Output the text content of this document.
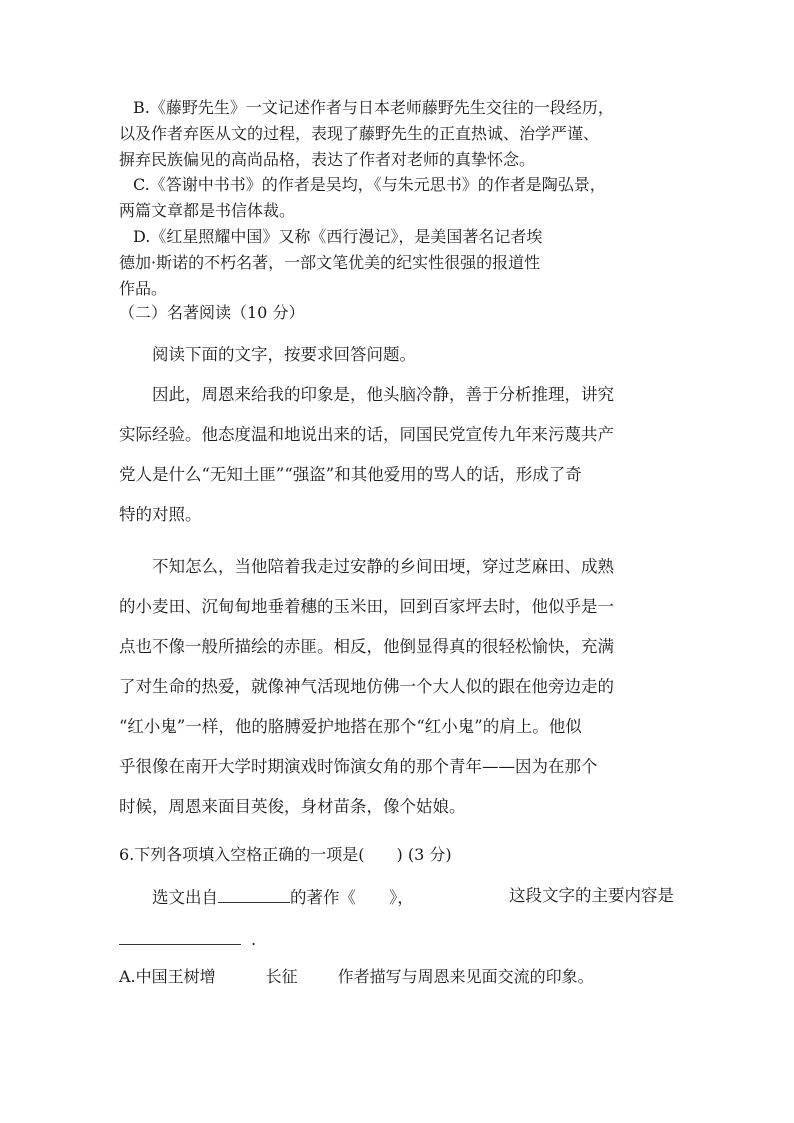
B.《藤野先生》一文记述作者与日本老师藤野先生交往的一段经历，

以及作者弃医从文的过程，表现了藤野先生的正直热诚、治学严谨、

摒弃民族偏见的高尚品格，表达了作者对老师的真挚怀念。

C.《答谢中书书》的作者是吴均，《与朱元思书》的作者是陶弘景，

两篇文章都是书信体裁。

D.《红星照耀中国》又称《西行漫记》，是美国著名记者埃

德加·斯诺的不朽名著，一部文笔优美的纪实性很强的报道性

作品。

（二）名著阅读（10 分）

阅读下面的文字，按要求回答问题。

因此，周恩来给我的印象是，他头脑冷静，善于分析推理，讲究

实际经验。他态度温和地说出来的话，同国民党宣传九年来污蔑共产

党人是什么“无知土匪”“强盗”和其他爱用的骂人的话，形成了奇

特的对照。

不知怎么，当他陪着我走过安静的乡间田埂，穿过芝麻田、成熟

的小麦田、沉甸甸地垂着穗的玉米田，回到百家坪去时，他似乎是一

点也不像一般所描绘的赤匪。相反，他倒显得真的很轻松愉快，充满

了对生命的热爱，就像神气活现地仿佛一个大人似的跟在他旁边走的

“红小鬼”一样，他的胳膊爱护地搭在那个“红小鬼”的肩上。他似

乎很像在南开大学时期演戏时饰演女角的那个青年——因为在那个

时候，周恩来面目英俊，身材苗条，像个姑娘。

6.下列各项填入空格正确的一项是(　　) (3 分)

选文出自	的著作《　　》，	这段文字的主要内容是
.
A.中国王树增	长征	作者描写与周恩来见面交流的印象。
